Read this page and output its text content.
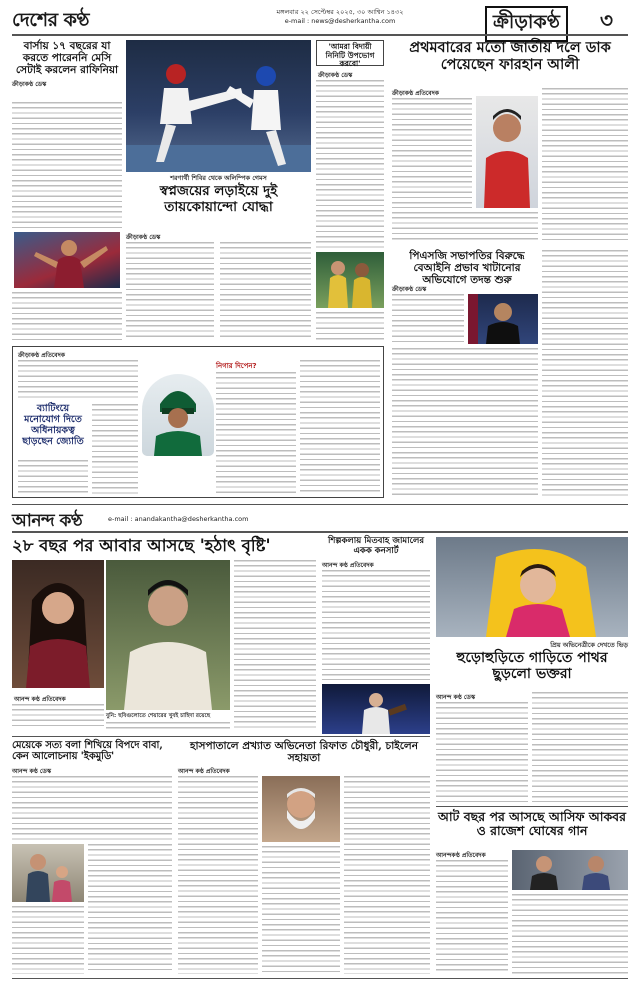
দেশের কণ্ঠ	মঙ্গলবার ২২ সেপ্টেম্বর ২০২৫, ৩০ আশ্বিন ১৪৩২
e-mail : news@desherkantha.com	ক্রীড়াকণ্ঠ	৩
বার্সায় ১৭ বছরের যা করতে পারেননি মেসি সেটাই করলেন রাফিনিয়া
ক্রীড়াকণ্ঠ ডেস্ক
শরণার্থী শিবির থেকে অলিম্পিক গেমস
স্বপ্নজয়ের লড়াইয়ে দুই তায়কোয়ান্দো যোদ্ধা
ক্রীড়াকণ্ঠ ডেস্ক
'আমরা বিদায়ী নিনিটি উপভোগ করবো'
ক্রীড়াকণ্ঠ ডেস্ক
প্রথমবারের মতো জাতীয় দলে ডাক পেয়েছেন ফারহান আলী
ক্রীড়াকণ্ঠ প্রতিবেদক
পিএসজি সভাপতির বিরুদ্ধে বেআইনি প্রভাব খাটানোর অভিযোগে তদন্ত শুরু
ক্রীড়াকণ্ঠ ডেস্ক
ক্রীড়াকণ্ঠ প্রতিবেদক
ব্যাটিংয়ে মনোযোগ দিতে অধিনায়কত্ব ছাড়ছেন জ্যোতি
নিগার দিপেন?
আনন্দ কণ্ঠ	e-mail : anandakantha@desherkantha.com
২৮ বছর পর আবার আসছে 'হঠাৎ বৃষ্টি'
আনন্দ কণ্ঠ প্রতিবেদক
বুনি: ছবিগুলোতে শেয়ারের খুবই চাহিদা রয়েছে
শিল্পকলায় মিতবাহ জামালের একক কনসার্ট
আনন্দ কণ্ঠ প্রতিবেদক
প্রিয় অভিনেত্রীকে দেখতে ভিড়
হুড়োহুড়িতে গাড়িতে পাথর ছুড়লো ভক্তরা
আনন্দ কণ্ঠ ডেস্ক
মেয়েকে সত্য বলা শিখিয়ে বিপদে বাবা, কেন আলোচনায় 'ইকমুডি'
আনন্দ কণ্ঠ ডেস্ক
হাসপাতালে প্রখ্যাত অভিনেতা রিফাত চৌধুরী, চাইলেন সহায়তা
আনন্দ কণ্ঠ প্রতিবেদক
আট বছর পর আসছে আসিফ আকবর ও রাজেশ ঘোষের গান
আনন্দকণ্ঠ প্রতিবেদক
